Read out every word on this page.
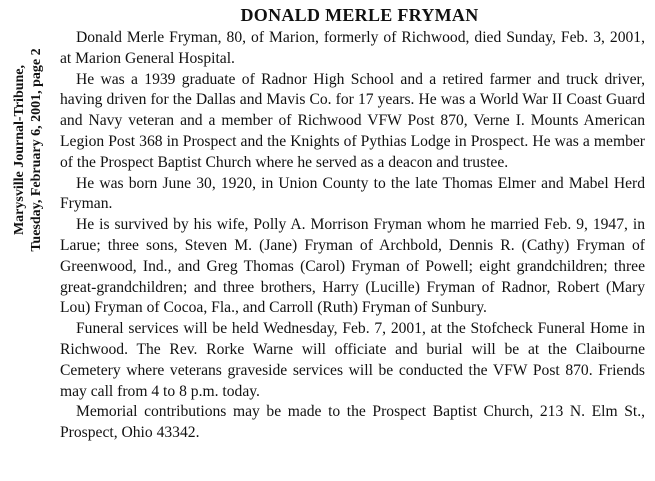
Marysville Journal-Tribune, Tuesday, February 6, 2001, page 2
DONALD MERLE FRYMAN

Donald Merle Fryman, 80, of Marion, formerly of Richwood, died Sunday, Feb. 3, 2001, at Marion General Hospital.

He was a 1939 graduate of Radnor High School and a retired farmer and truck driver, having driven for the Dallas and Mavis Co. for 17 years. He was a World War II Coast Guard and Navy veteran and a member of Richwood VFW Post 870, Verne I. Mounts American Legion Post 368 in Prospect and the Knights of Pythias Lodge in Prospect. He was a member of the Prospect Baptist Church where he served as a deacon and trustee.

He was born June 30, 1920, in Union County to the late Thomas Elmer and Mabel Herd Fryman.

He is survived by his wife, Polly A. Morrison Fryman whom he married Feb. 9, 1947, in Larue; three sons, Steven M. (Jane) Fryman of Archbold, Dennis R. (Cathy) Fryman of Greenwood, Ind., and Greg Thomas (Carol) Fryman of Powell; eight grandchildren; three great-grandchildren; and three brothers, Harry (Lucille) Fryman of Radnor, Robert (Mary Lou) Fryman of Cocoa, Fla., and Carroll (Ruth) Fryman of Sunbury.

Funeral services will be held Wednesday, Feb. 7, 2001, at the Stofcheck Funeral Home in Richwood. The Rev. Rorke Warne will officiate and burial will be at the Claibourne Cemetery where veterans graveside services will be conducted the VFW Post 870. Friends may call from 4 to 8 p.m. today.

Memorial contributions may be made to the Prospect Baptist Church, 213 N. Elm St., Prospect, Ohio 43342.
